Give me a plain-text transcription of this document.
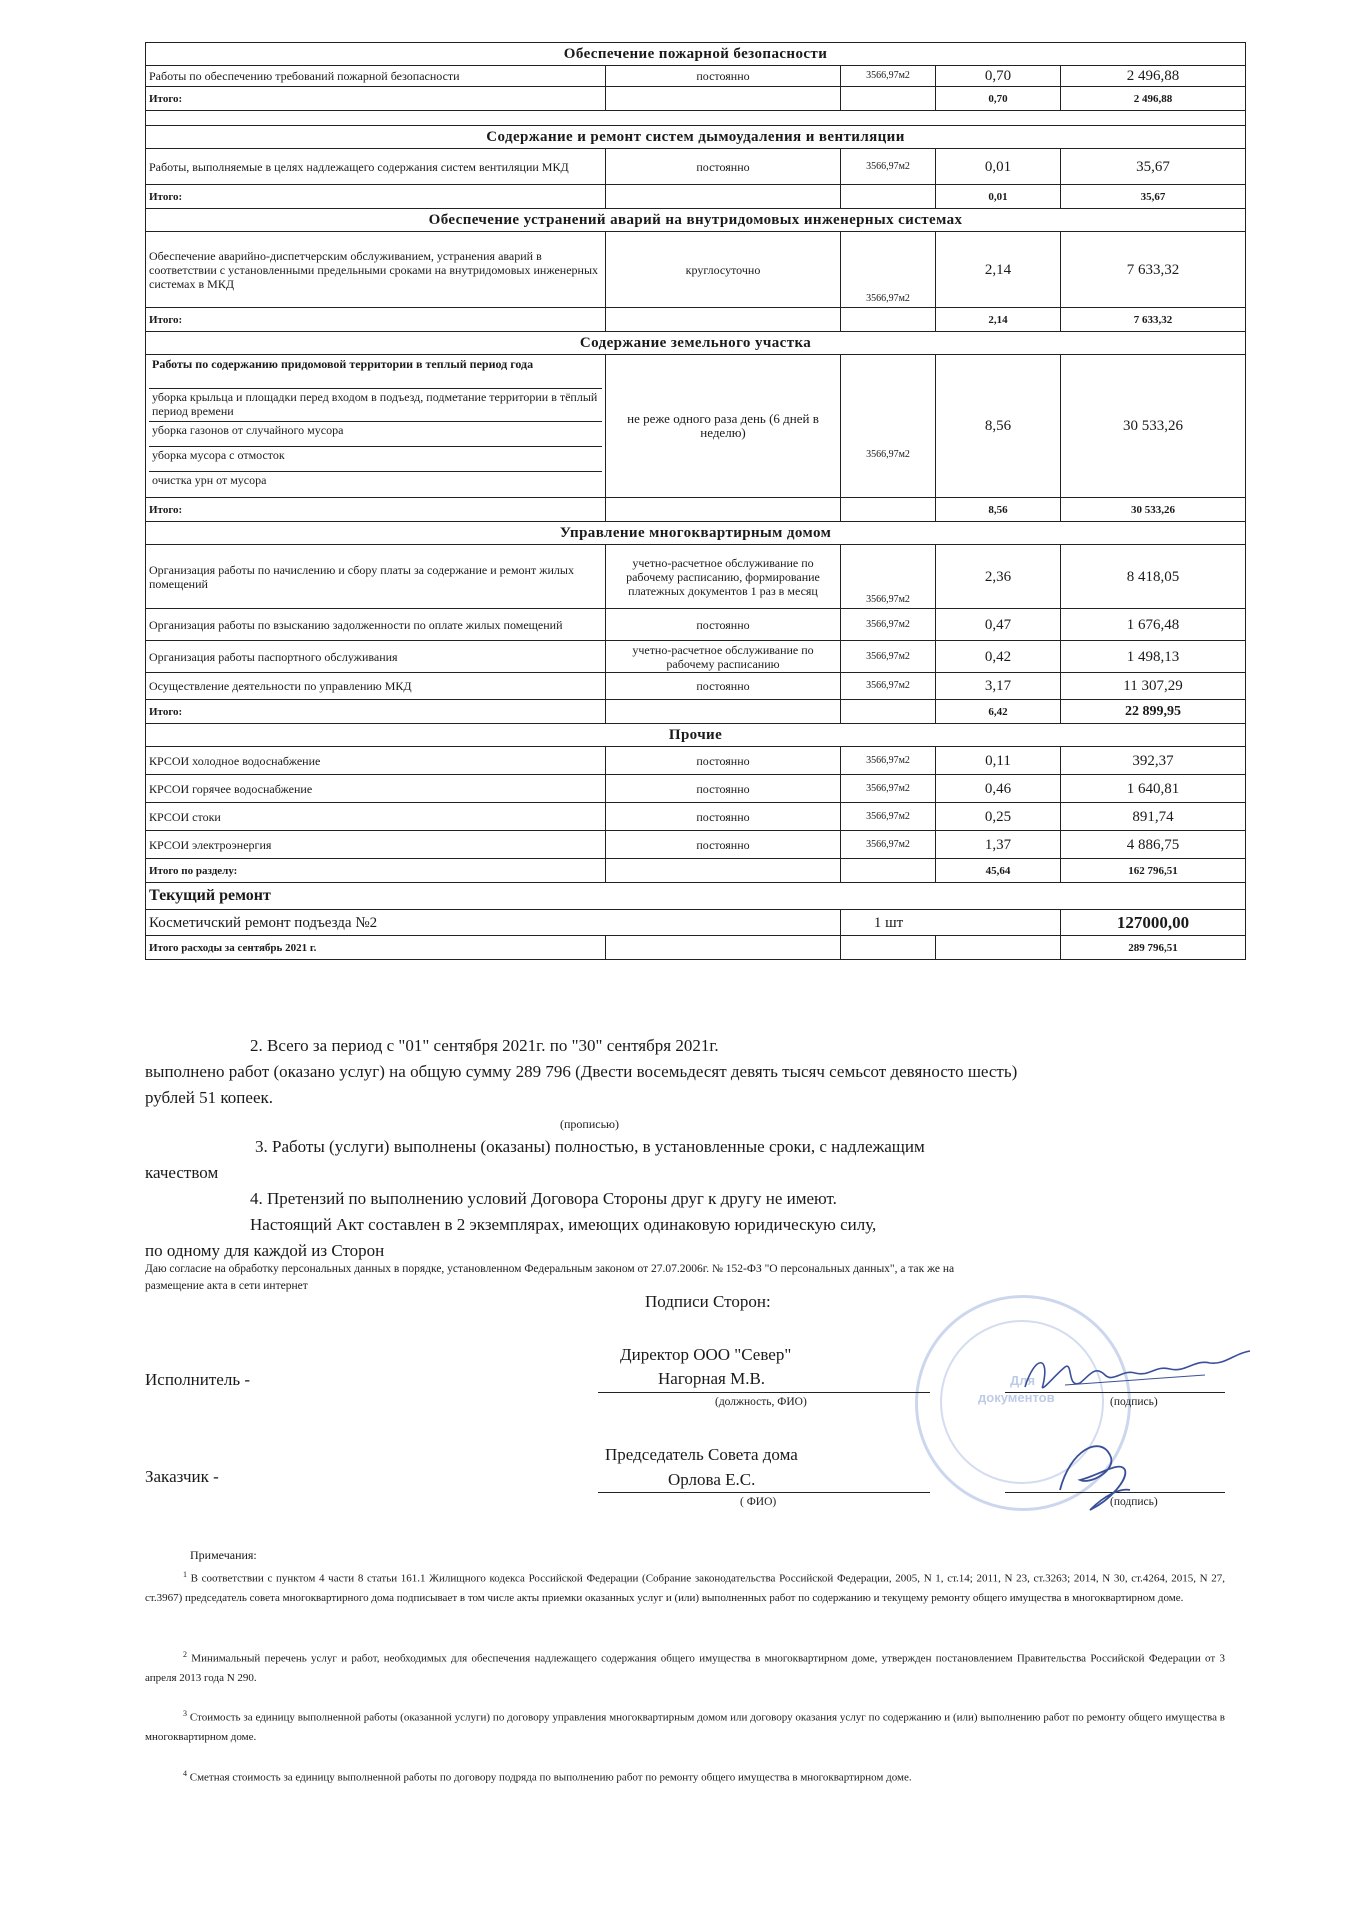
Обеспечение пожарной безопасности				
Работы по обеспечению требований пожарной безопасности	постоянно	3566,97м2	0,70	2 496,88
Итого:			0,70	2 496,88

Содержание и ремонт систем дымоудаления и вентиляции				
Работы, выполняемые в целях надлежащего содержания систем вентиляции МКД	постоянно	3566,97м2	0,01	35,67
Итого:			0,01	35,67
Обеспечение устранений аварий на внутридомовых инженерных системах				
Обеспечение аварийно-диспетчерским обслуживанием, устранения аварий в соответствии с установленными предельными сроками на внутридомовых инженерных системах в МКД	круглосуточно	3566,97м2	2,14	7 633,32
Итого:			2,14	7 633,32
Содержание земельного участка				

Работы по содержанию придомовой территории в теплый период года
уборка крыльца и площадки перед входом в подъезд, подметание территории в тёплый период времени
уборка газонов от случайного мусора
уборка мусора с отмосток
очистка урн от мусора	не реже одного раза день (6 дней в неделю)	3566,97м2	8,56	30 533,26
Итого:			8,56	30 533,26
Управление многоквартирным домом				
Организация работы по начислению и сбору платы за содержание и ремонт жилых помещений	учетно-расчетное обслуживание по рабочему расписанию, формирование платежных документов 1 раз в месяц	3566,97м2	2,36	8 418,05
Организация работы по взысканию задолженности по оплате жилых помещений	постоянно	3566,97м2	0,47	1 676,48
Организация работы паспортного обслуживания	учетно-расчетное обслуживание по рабочему расписанию	3566,97м2	0,42	1 498,13
Осуществление деятельности по управлению МКД	постоянно	3566,97м2	3,17	11 307,29
Итого:			6,42	22 899,95
Прочие				
КРСОИ холодное водоснабжение	постоянно	3566,97м2	0,11	392,37
КРСОИ горячее водоснабжение	постоянно	3566,97м2	0,46	1 640,81
КРСОИ стоки	постоянно	3566,97м2	0,25	891,74
КРСОИ электроэнергия	постоянно	3566,97м2	1,37	4 886,75
Итого по разделу:			45,64	162 796,51
Текущий ремонт				
Косметичский ремонт подъезда №2		1 шт		127000,00
Итого расходы за сентябрь 2021 г.				289 796,51
2. Всего за период с "01" сентября 2021г. по "30" сентября 2021г.
выполнено работ (оказано услуг) на общую сумму 289 796 (Двести восемьдесят девять тысяч семьсот девяносто шесть)
рублей 51 копеек.
(прописью)
3. Работы (услуги) выполнены (оказаны) полностью, в установленные сроки, с надлежащим
качеством
4. Претензий по выполнению условий Договора Стороны друг к другу не имеют.
Настоящий Акт составлен в 2 экземплярах, имеющих одинаковую юридическую силу,
по одному для каждой из Сторон
Даю согласие на обработку персональных данных в порядке, установленном Федеральным законом от 27.07.2006г. № 152-ФЗ "О персональных данных", а так же на
размещение акта в сети интернет
Для
документов
Подписи Сторон:
Исполнитель -
Директор ООО "Север"
Нагорная М.В.
(должность, ФИО)	(подпись)
Заказчик -
Председатель Совета дома
Орлова Е.С.
( ФИО)	(подпись)
Примечания:
$^1$ В соответствии с пунктом 4 части 8 статьи 161.1 Жилищного кодекса Российской Федерации (Собрание законодательства Российской Федерации, 2005, N 1, ст.14; 2011, N 23, ст.3263; 2014, N 30, ст.4264, 2015, N 27, ст.3967) председатель совета многоквартирного дома подписывает в том числе акты приемки оказанных услуг и (или) выполненных работ по содержанию и текущему ремонту общего имущества в многоквартирном доме.
$^2$ Минимальный перечень услуг и работ, необходимых для обеспечения надлежащего содержания общего имущества в многоквартирном доме, утвержден постановлением Правительства Российской Федерации от 3 апреля 2013 года N 290.
$^3$ Стоимость за единицу выполненной работы (оказанной услуги) по договору управления многоквартирным домом или договору оказания услуг по содержанию и (или) выполнению работ по ремонту общего имущества в многоквартирном доме.
$^4$ Сметная стоимость за единицу выполненной работы по договору подряда по выполнению работ по ремонту общего имущества в многоквартирном доме.
